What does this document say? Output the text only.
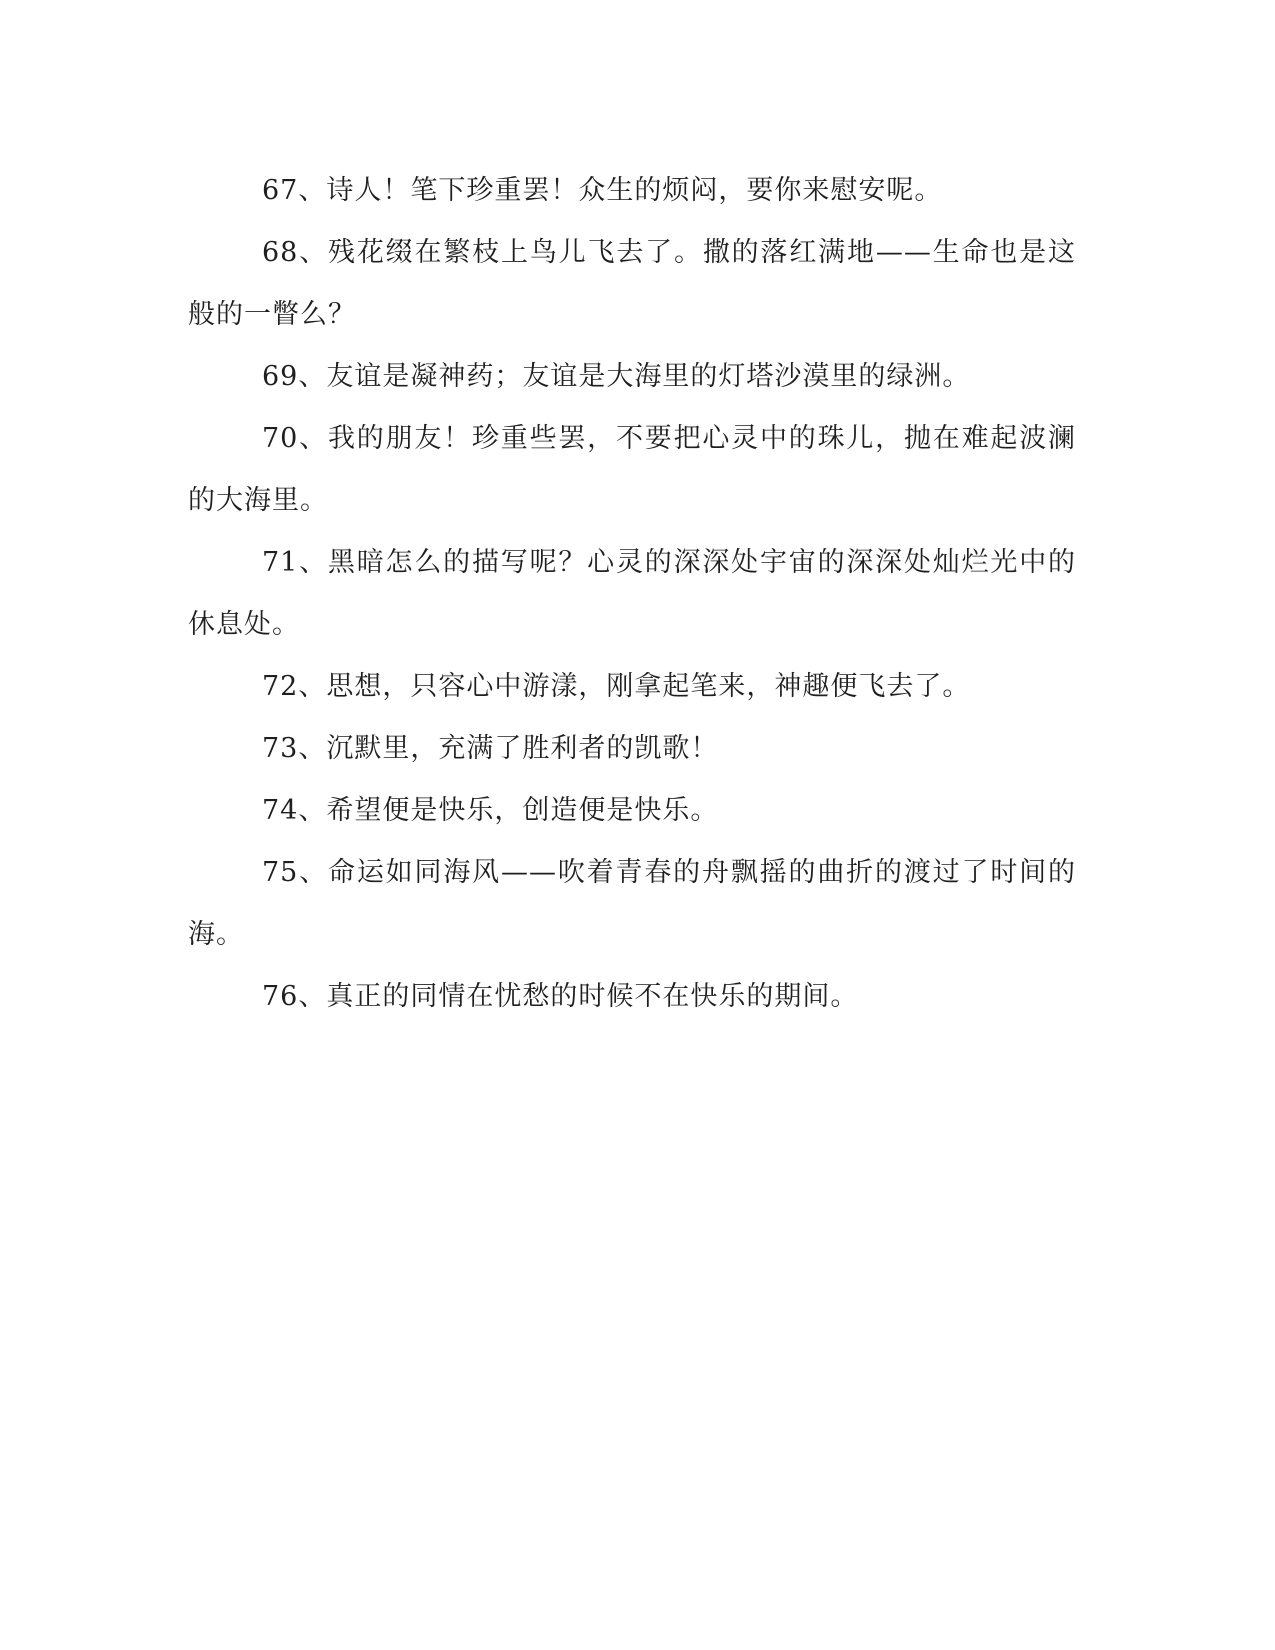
67、诗人！笔下珍重罢！众生的烦闷，要你来慰安呢。

68、残花缀在繁枝上鸟儿飞去了。撒的落红满地——生命也是这般的一瞥么？

69、友谊是凝神药；友谊是大海里的灯塔沙漠里的绿洲。

70、我的朋友！珍重些罢，不要把心灵中的珠儿，抛在难起波澜的大海里。

71、黑暗怎么的描写呢？心灵的深深处宇宙的深深处灿烂光中的休息处。

72、思想，只容心中游漾，刚拿起笔来，神趣便飞去了。

73、沉默里，充满了胜利者的凯歌！

74、希望便是快乐，创造便是快乐。

75、命运如同海风——吹着青春的舟飘摇的曲折的渡过了时间的海。

76、真正的同情在忧愁的时候不在快乐的期间。
